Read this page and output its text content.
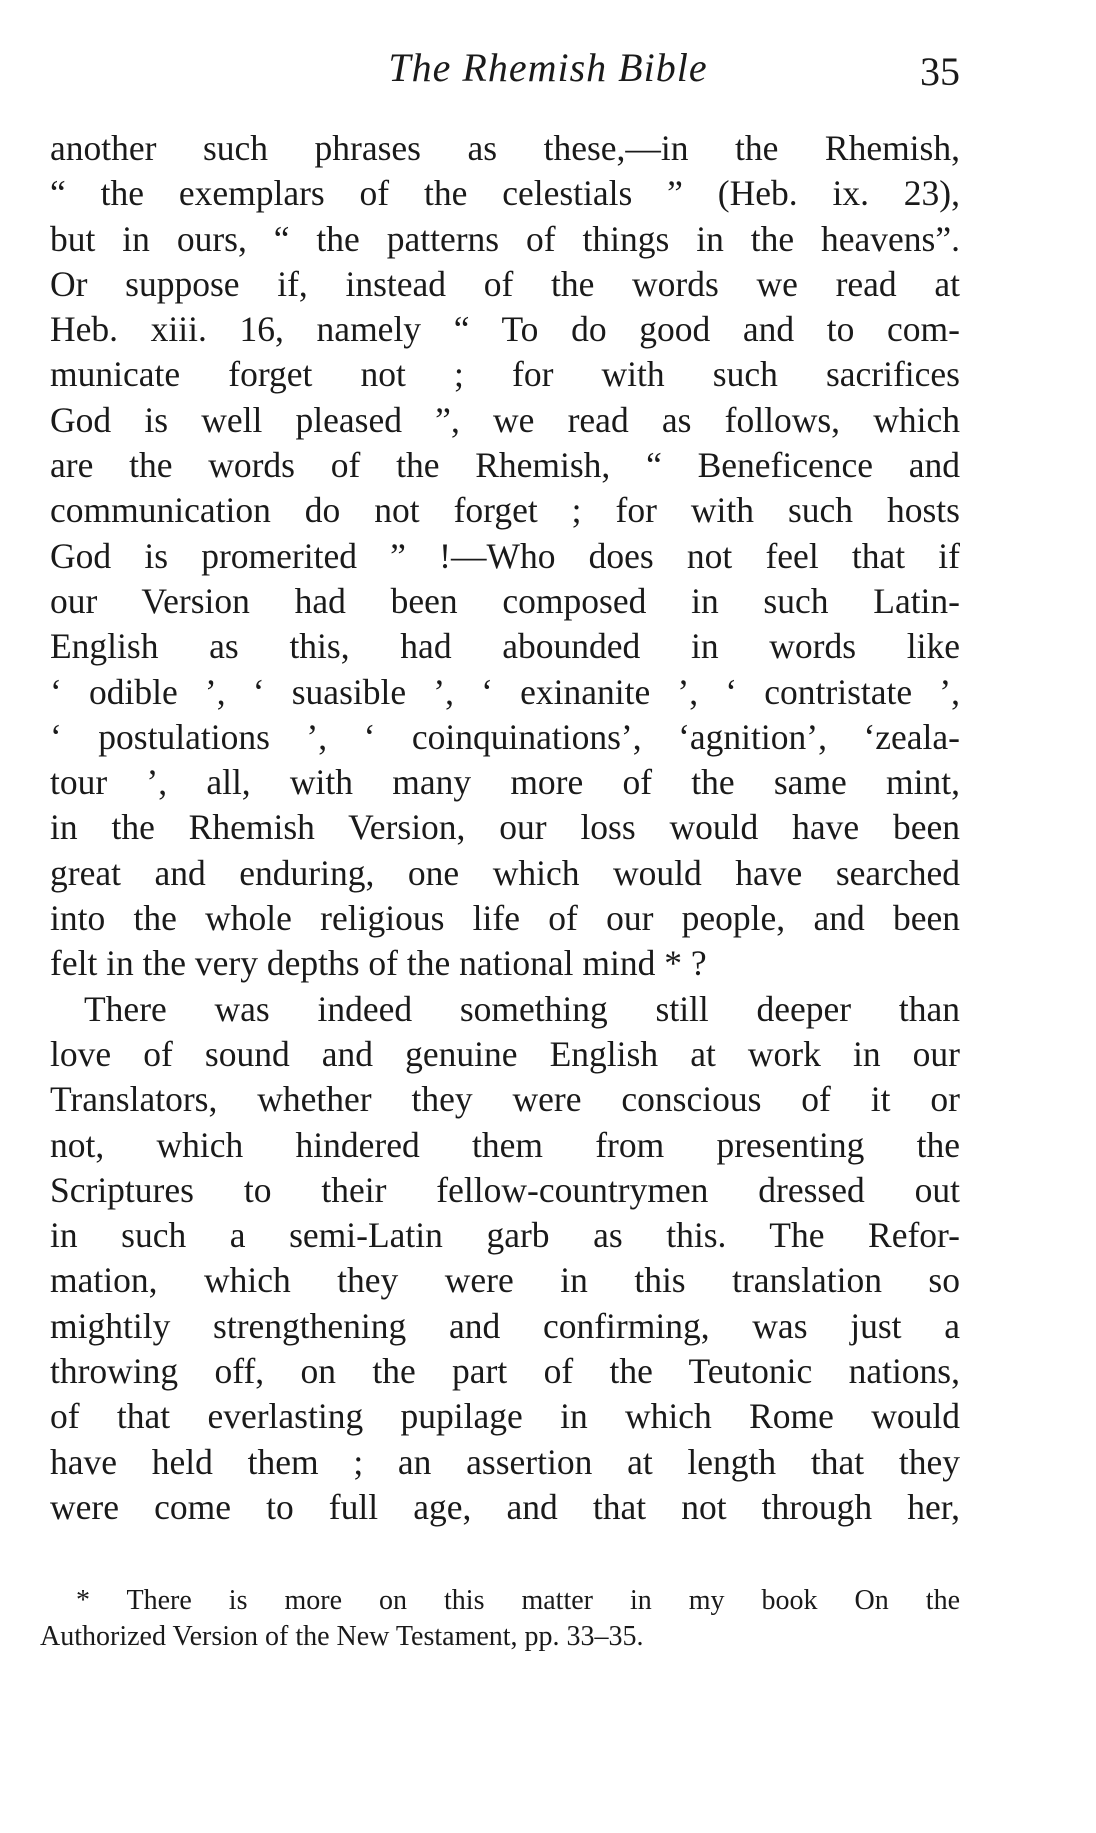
The Rhemish Bible	35
another such phrases as these,—in the Rhemish,
“ the exemplars of the celestials ” (Heb. ix. 23),
but in ours, “ the patterns of things in the heavens”.
Or suppose if, instead of the words we read at
Heb. xiii. 16, namely “ To do good and to com-
municate forget not ; for with such sacrifices
God is well pleased ”, we read as follows, which
are the words of the Rhemish, “ Beneficence and
communication do not forget ; for with such hosts
God is promerited ” !—Who does not feel that if
our Version had been composed in such Latin-
English as this, had abounded in words like
‘ odible ’, ‘ suasible ’, ‘ exinanite ’, ‘ contristate ’,
‘ postulations ’, ‘ coinquinations’, ‘agnition’, ‘zeala-
tour ’, all, with many more of the same mint,
in the Rhemish Version, our loss would have been
great and enduring, one which would have searched
into the whole religious life of our people, and been
felt in the very depths of the national mind * ?
There was indeed something still deeper than
love of sound and genuine English at work in our
Translators, whether they were conscious of it or
not, which hindered them from presenting the
Scriptures to their fellow-countrymen dressed out
in such a semi-Latin garb as this. The Refor-
mation, which they were in this translation so
mightily strengthening and confirming, was just a
throwing off, on the part of the Teutonic nations,
of that everlasting pupilage in which Rome would
have held them ; an assertion at length that they
were come to full age, and that not through her,
* There is more on this matter in my book On the
Authorized Version of the New Testament, pp. 33–35.
